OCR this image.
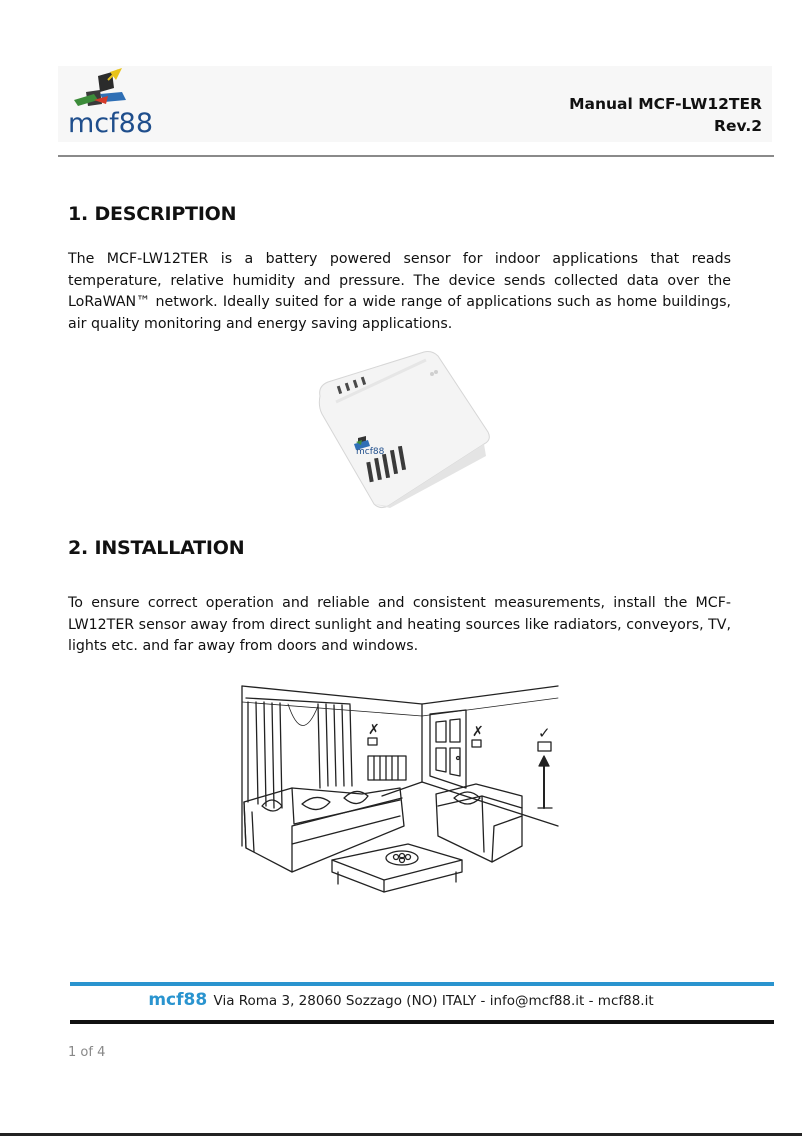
mcf88
Manual MCF-LW12TER
Rev.2
1. DESCRIPTION
The MCF-LW12TER is a battery powered sensor for indoor applications that reads temperature, relative humidity and pressure. The device sends collected data over the LoRaWAN™ network. Ideally suited for a wide range of applications such as home buildings, air quality monitoring and energy saving applications.
mcf88
2. INSTALLATION
To ensure correct operation and reliable and consistent measurements, install the MCF-LW12TER sensor away from direct sunlight and heating sources like radiators, conveyors, TV, lights etc. and far away from doors and windows.
✗	✗	✓
mcf88 Via Roma 3, 28060 Sozzago (NO) ITALY - info@mcf88.it - mcf88.it
1 of 4
